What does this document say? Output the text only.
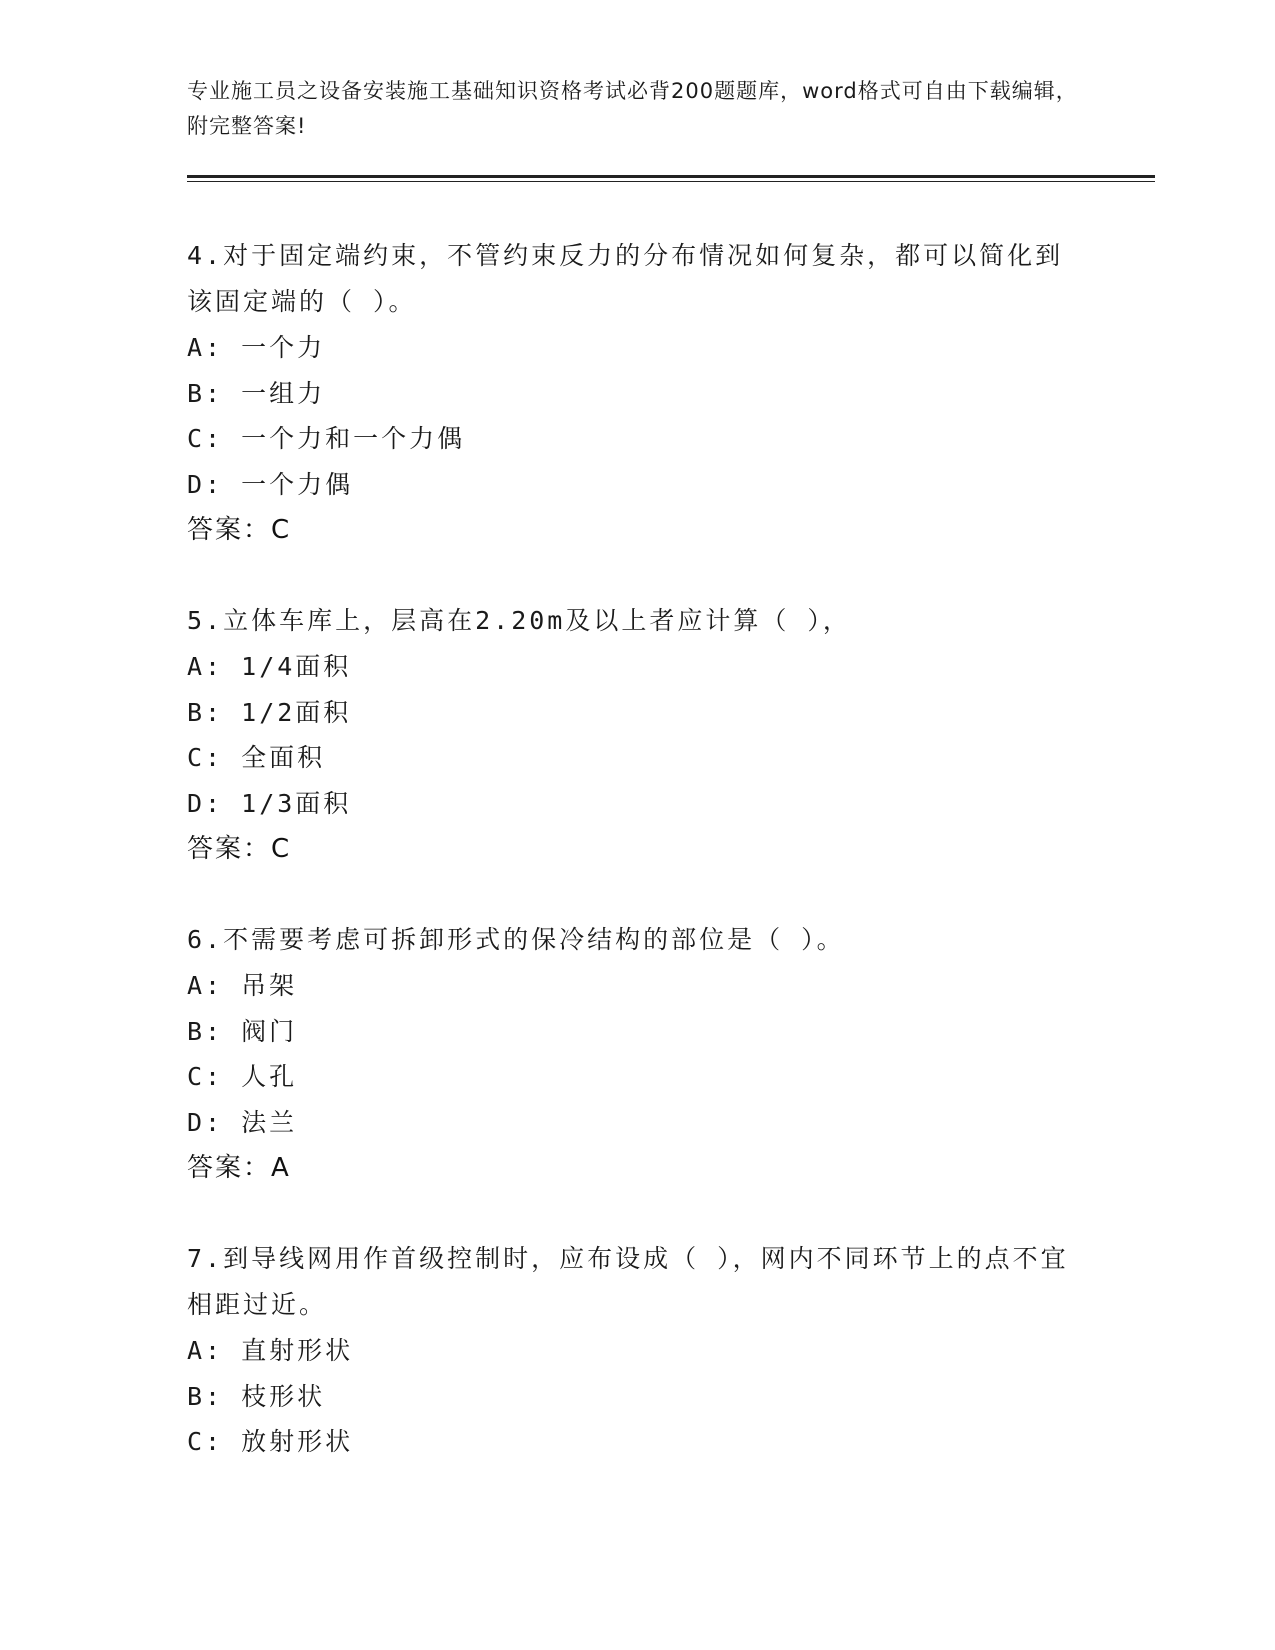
专业施工员之设备安装施工基础知识资格考试必背200题题库，word格式可自由下载编辑，附完整答案!
4.对于固定端约束，不管约束反力的分布情况如何复杂，都可以简化到该固定端的（ ）。
A: 一个力
B: 一组力
C: 一个力和一个力偶
D: 一个力偶
答案：C
5.立体车库上，层高在2.20m及以上者应计算（ ），
A: 1/4面积
B: 1/2面积
C: 全面积
D: 1/3面积
答案：C
6.不需要考虑可拆卸形式的保冷结构的部位是（ ）。
A: 吊架
B: 阀门
C: 人孔
D: 法兰
答案：A
7.到导线网用作首级控制时，应布设成（ ），网内不同环节上的点不宜相距过近。
A: 直射形状
B: 枝形状
C: 放射形状
